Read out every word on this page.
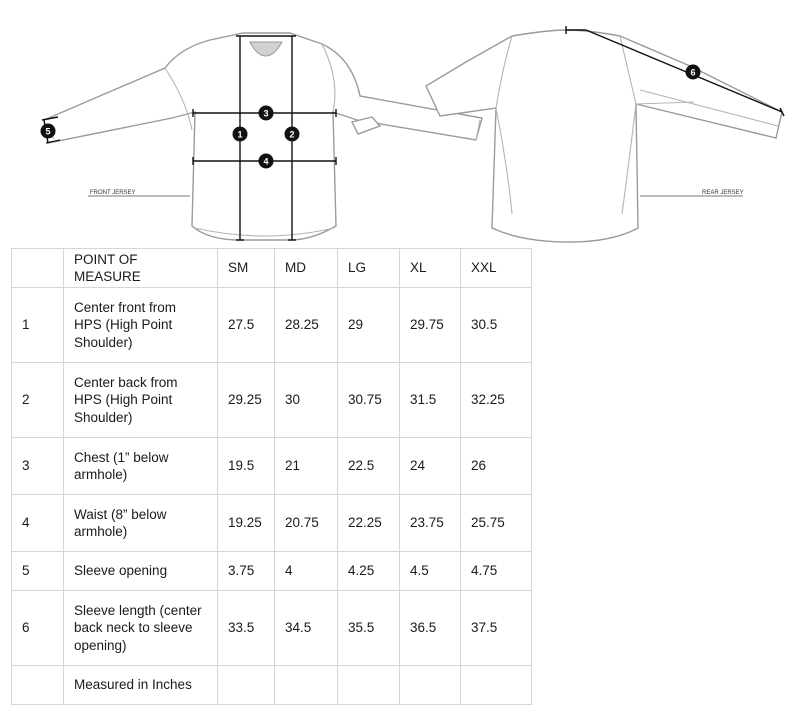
FRONT JERSEY	REAR JERSEY
1	2
3
4
5
6
	POINT OF MEASURE	SM	MD	LG	XL	XXL
1	Center front from HPS (High Point Shoulder)	27.5	28.25	29	29.75	30.5
2	Center back from HPS (High Point Shoulder)	29.25	30	30.75	31.5	32.25
3	Chest (1” below armhole)	19.5	21	22.5	24	26
4	Waist (8” below armhole)	19.25	20.75	22.25	23.75	25.75
5	Sleeve opening	3.75	4	4.25	4.5	4.75
6	Sleeve length (center back neck to sleeve opening)	33.5	34.5	35.5	36.5	37.5
	Measured in Inches					
